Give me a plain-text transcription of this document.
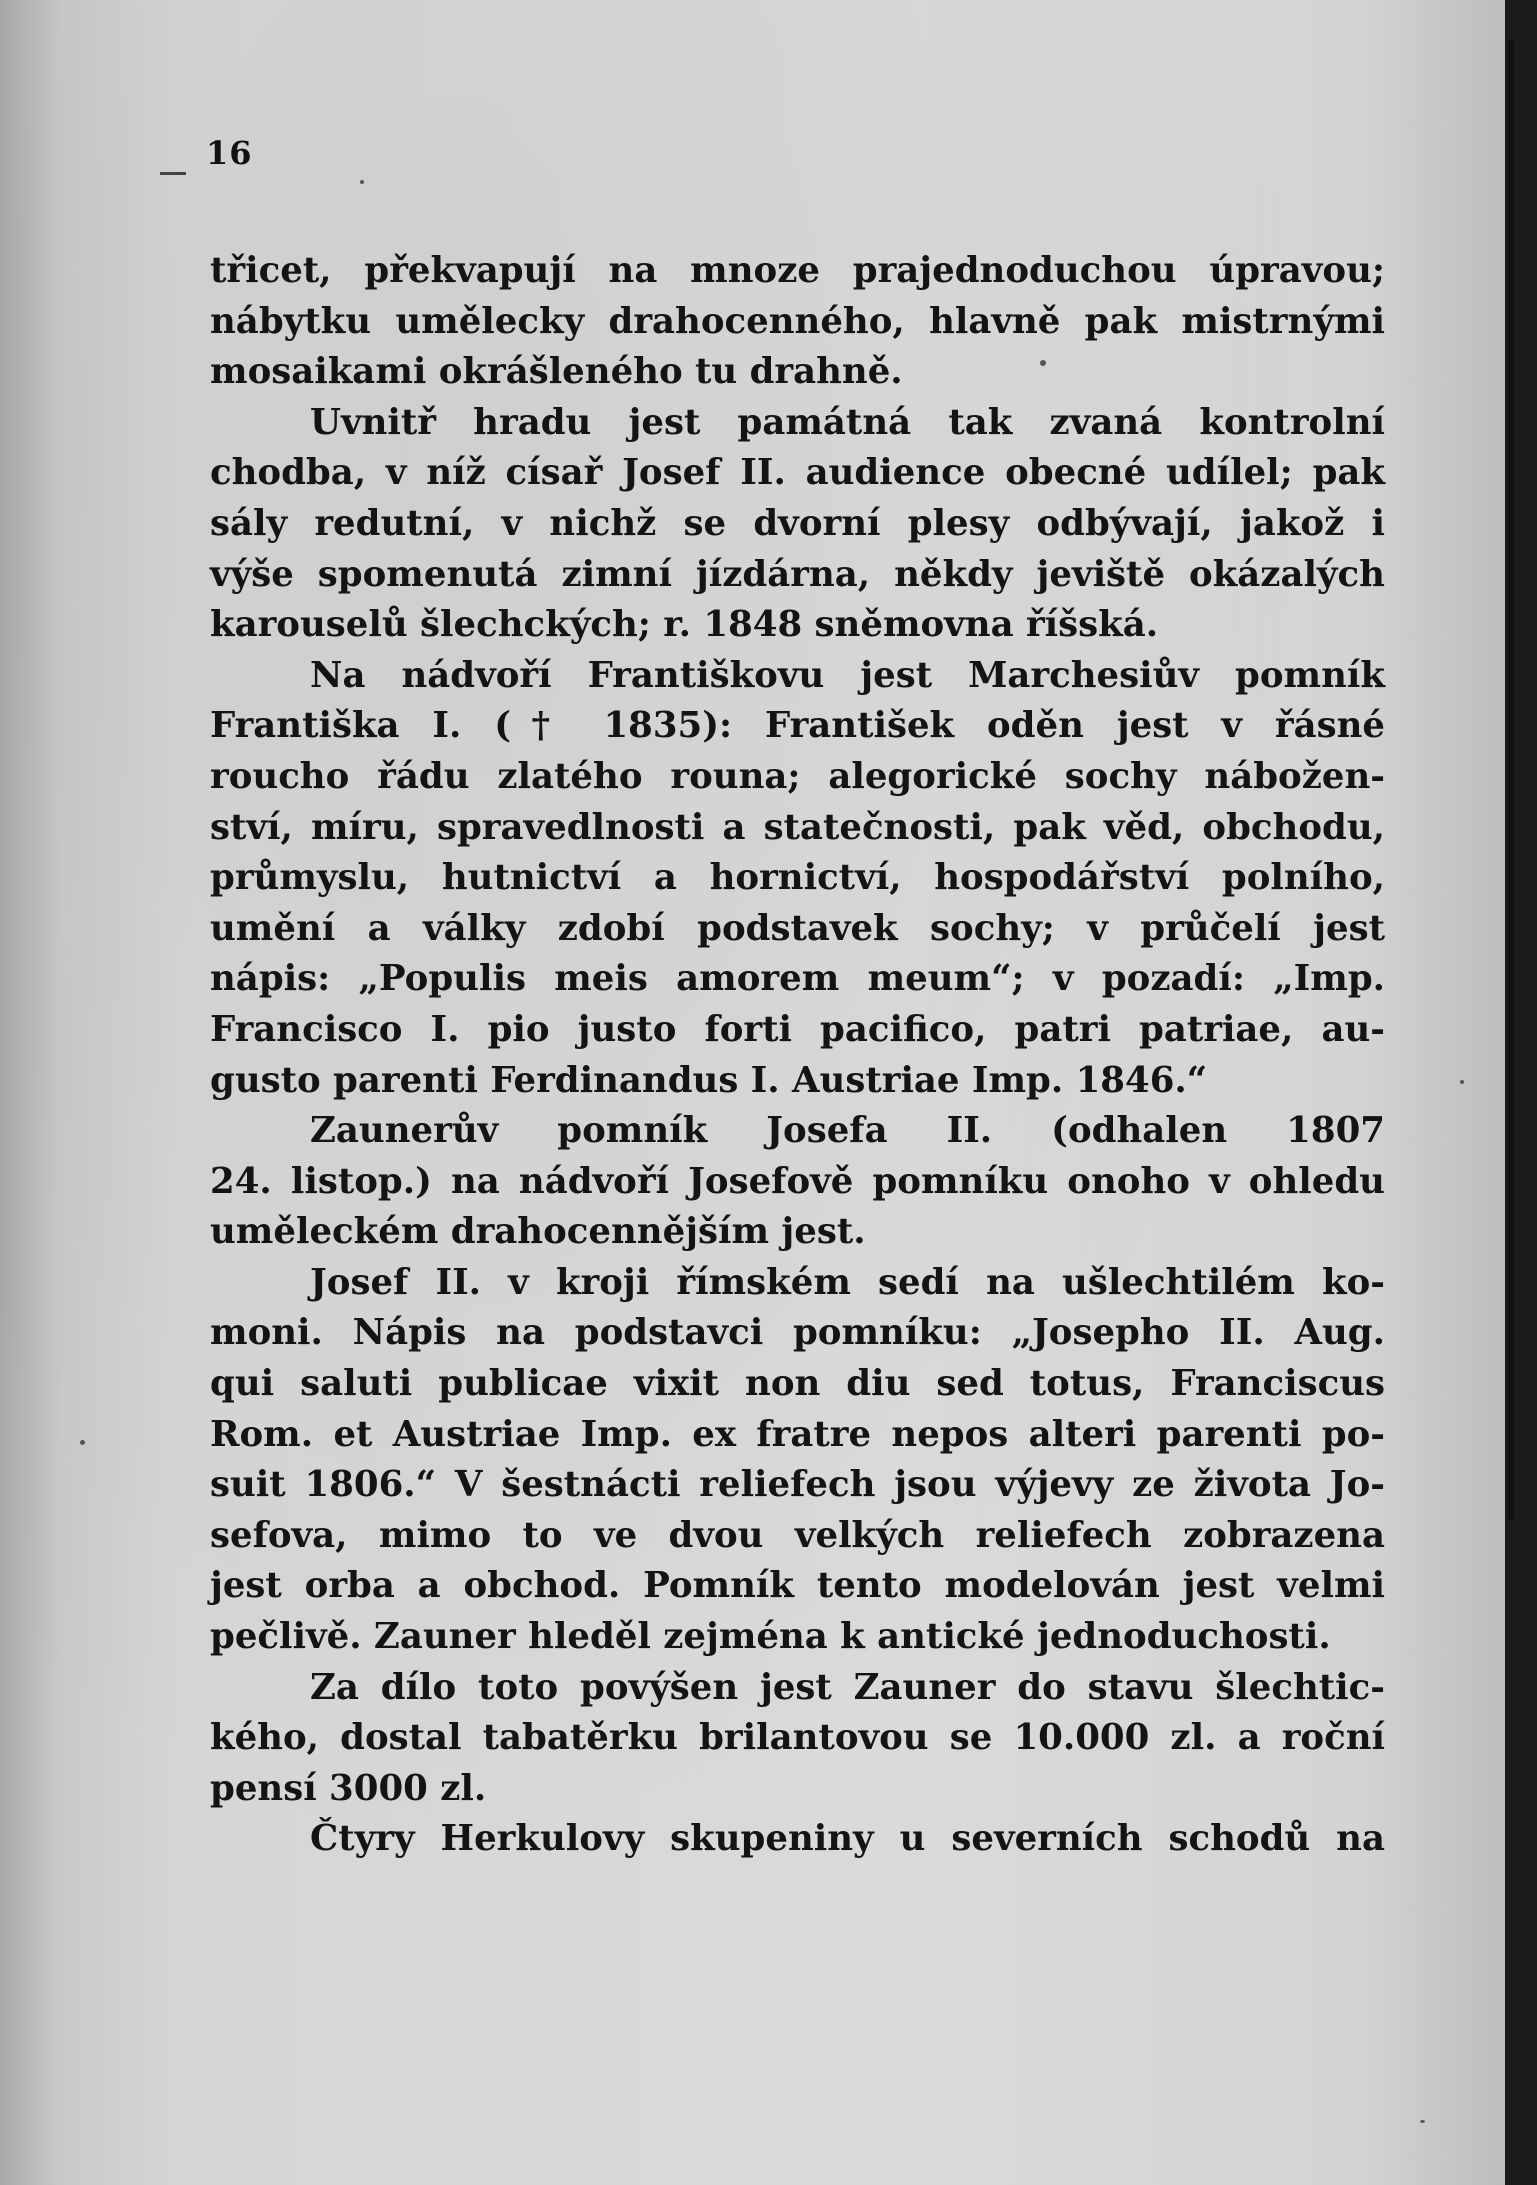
16
třicet, překvapují na mnoze prajednoduchou úpravou;
nábytku umělecky drahocenného, hlavně pak mistrnými
mosaikami okrášleného tu drahně.
Uvnitř hradu jest památná tak zvaná kontrolní
chodba, v níž císař Josef II. audience obecné udílel; pak
sály redutní, v nichž se dvorní plesy odbývají, jakož i
výše spomenutá zimní jízdárna, někdy jeviště okázalých
karouselů šlechckých; r. 1848 sněmovna říšská.
Na nádvoří Františkovu jest Marchesiův pomník
Františka I. († 1835): František oděn jest v řásné
roucho řádu zlatého rouna; alegorické sochy nábožen-
ství, míru, spravedlnosti a statečnosti, pak věd, obchodu,
průmyslu, hutnictví a hornictví, hospodářství polního,
umění a války zdobí podstavek sochy; v průčelí jest
nápis: „Populis meis amorem meum“; v pozadí: „Imp.
Francisco I. pio justo forti pacifico, patri patriae, au-
gusto parenti Ferdinandus I. Austriae Imp. 1846.“
Zaunerův pomník Josefa II. (odhalen 1807
24. listop.) na nádvoří Josefově pomníku onoho v ohledu
uměleckém drahocennějším jest.
Josef II. v kroji římském sedí na ušlechtilém ko-
moni. Nápis na podstavci pomníku: „Josepho II. Aug.
qui saluti publicae vixit non diu sed totus, Franciscus
Rom. et Austriae Imp. ex fratre nepos alteri parenti po-
suit 1806.“ V šestnácti reliefech jsou výjevy ze života Jo-
sefova, mimo to ve dvou velkých reliefech zobrazena
jest orba a obchod. Pomník tento modelován jest velmi
pečlivě. Zauner hleděl zejména k antické jednoduchosti.
Za dílo toto povýšen jest Zauner do stavu šlechtic-
kého, dostal tabatěrku brilantovou se 10.000 zl. a roční
pensí 3000 zl.
Čtyry Herkulovy skupeniny u severních schodů na
